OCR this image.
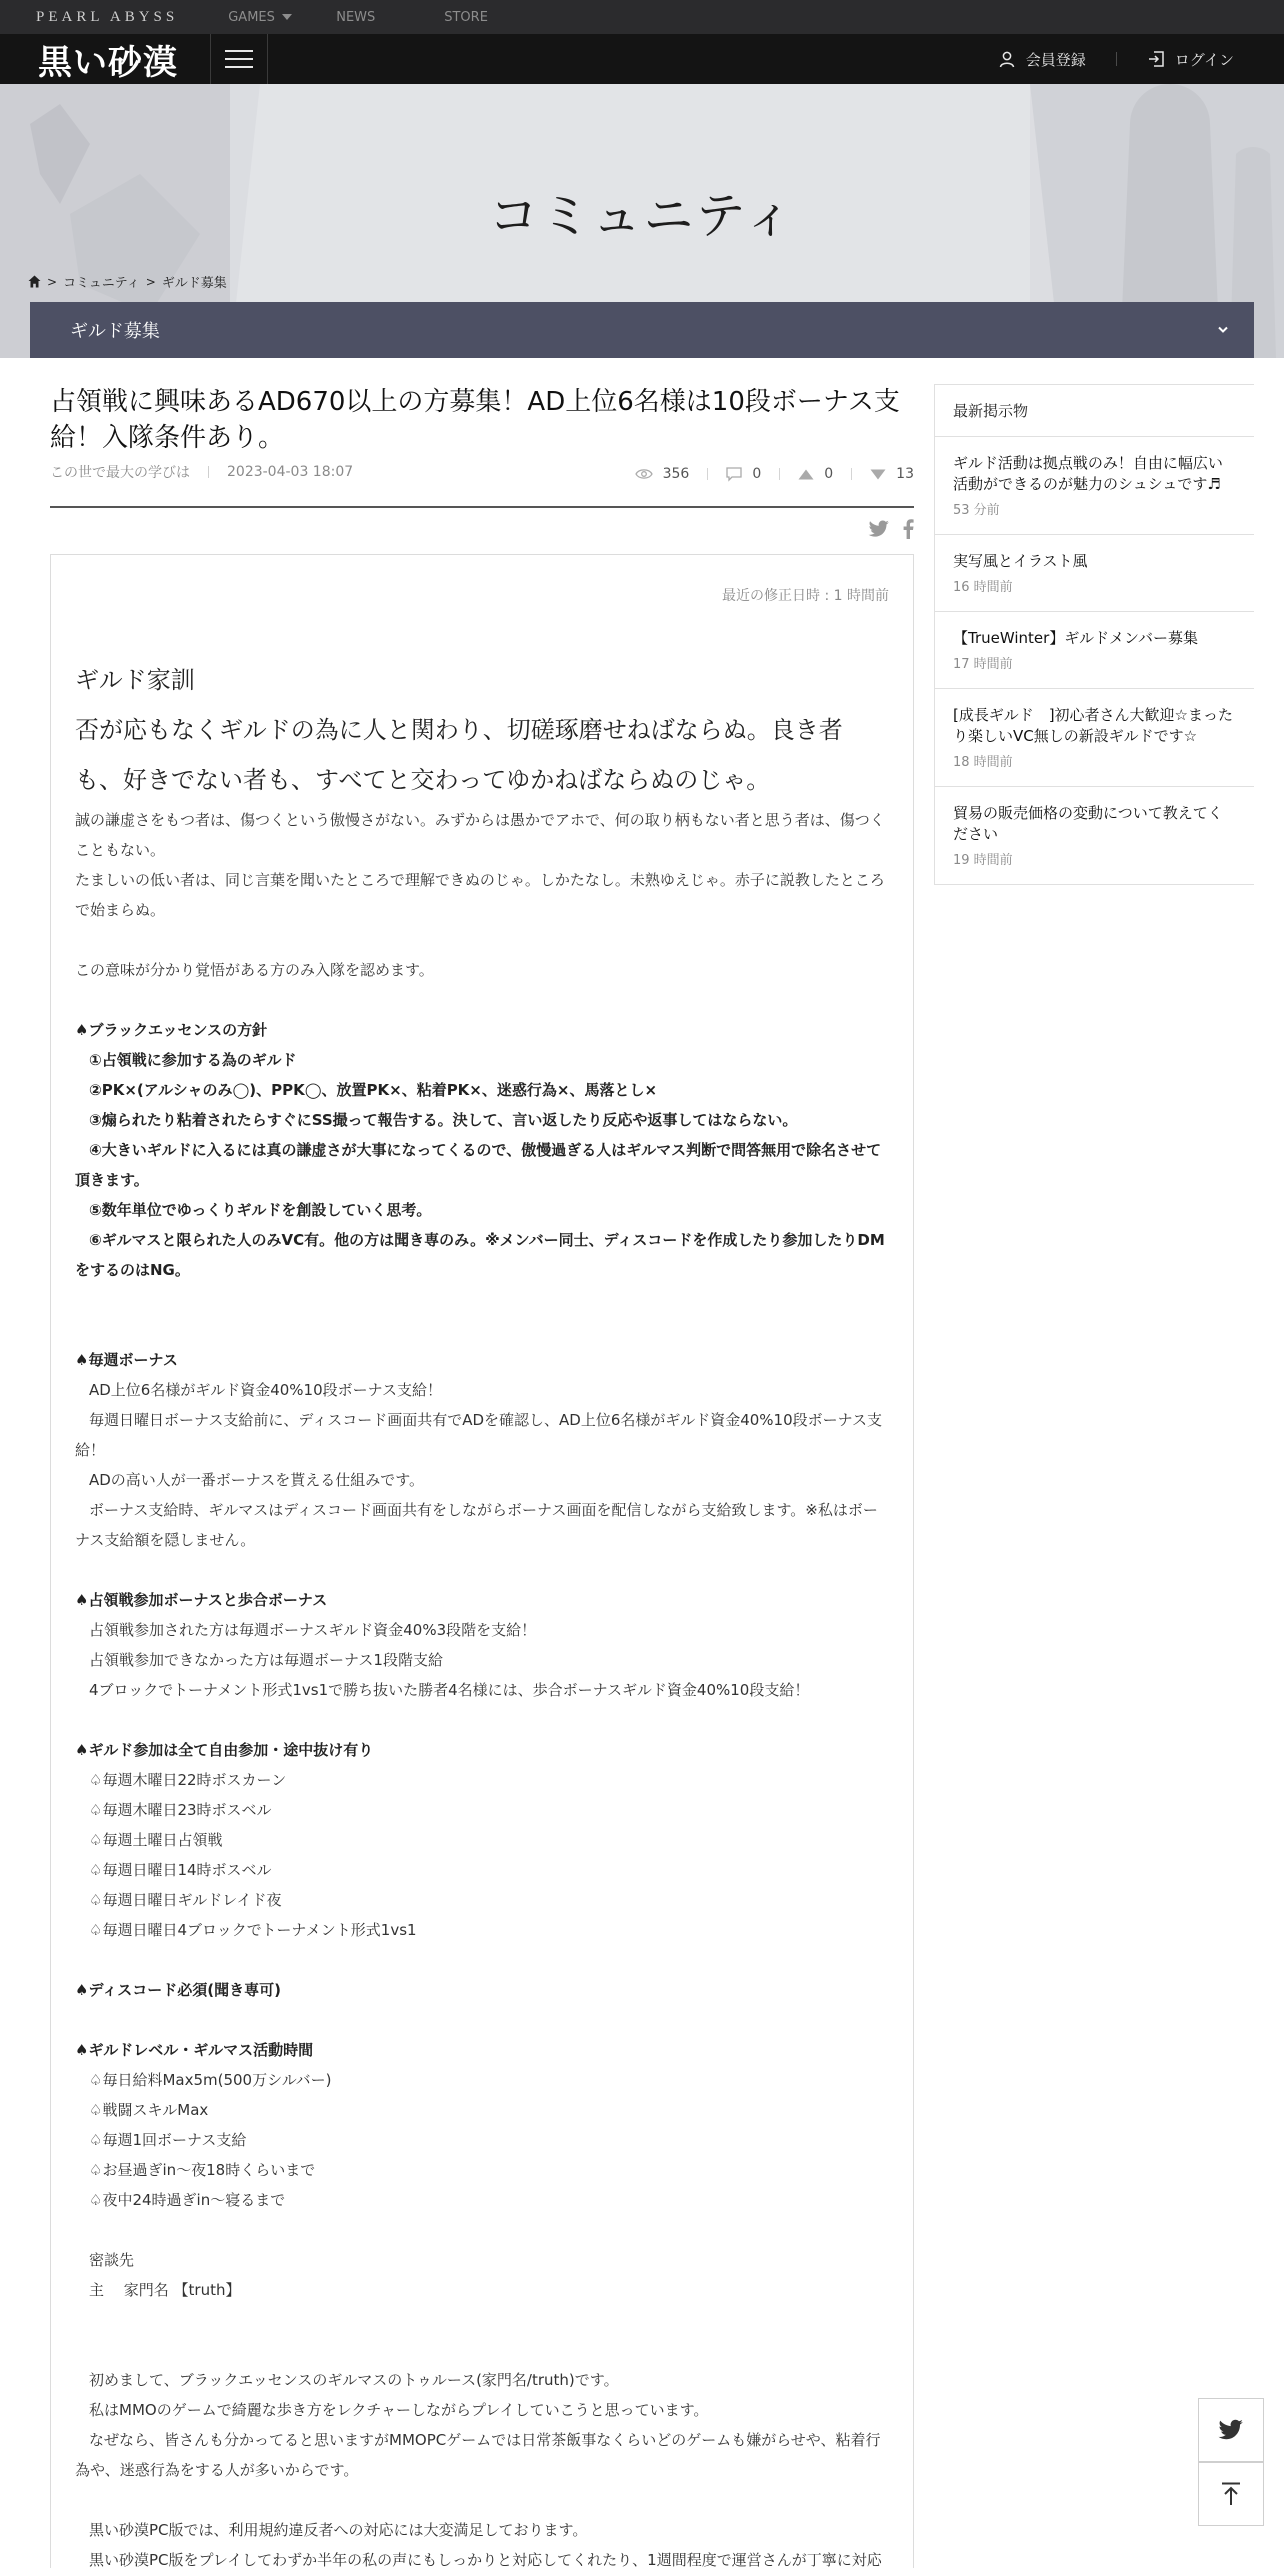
PEARL ABYSS	GAMES	NEWS	STORE
黒い砂漠	会員登録	ログイン
コミュニティ
> コミュニティ > ギルド募集
ギルド募集
占領戦に興味あるAD670以上の方募集！AD上位6名様は10段ボーナス支給！入隊条件あり。
この世で最大の学びは	2023-04-03 18:07	356	0	0	13
最近の修正日時 : 1 時間前
ギルド家訓
否が応もなくギルドの為に人と関わり、切磋琢磨せねばならぬ。良き者
も、好きでない者も、すべてと交わってゆかねばならぬのじゃ。
誠の謙虚さをもつ者は、傷つくという傲慢さがない。みずからは愚かでアホで、何の取り柄もない者と思う者は、傷つく
こともない。
たましいの低い者は、同じ言葉を聞いたところで理解できぬのじゃ。しかたなし。未熟ゆえじゃ。赤子に説教したところ
で始まらぬ。
この意味が分かり覚悟がある方のみ入隊を認めます。
♠ブラックエッセンスの方針
①占領戦に参加する為のギルド
②PK×(アルシャのみ◯)、PPK◯、放置PK×、粘着PK×、迷惑行為×、馬落とし×
③煽られたり粘着されたらすぐにSS撮って報告する。決して、言い返したり反応や返事してはならない。
④大きいギルドに入るには真の謙虚さが大事になってくるので、傲慢過ぎる人はギルマス判断で問答無用で除名させて
頂きます。
⑤数年単位でゆっくりギルドを創設していく思考。
⑥ギルマスと限られた人のみVC有。他の方は聞き専のみ。※メンバー同士、ディスコードを作成したり参加したりDM
をするのはNG。
♠毎週ボーナス
AD上位6名様がギルド資金40%10段ボーナス支給！
毎週日曜日ボーナス支給前に、ディスコード画面共有でADを確認し、AD上位6名様がギルド資金40%10段ボーナス支
給！
ADの高い人が一番ボーナスを貰える仕組みです。
ボーナス支給時、ギルマスはディスコード画面共有をしながらボーナス画面を配信しながら支給致します。※私はボー
ナス支給額を隠しません。
♠占領戦参加ボーナスと歩合ボーナス
占領戦参加された方は毎週ボーナスギルド資金40%3段階を支給！
占領戦参加できなかった方は毎週ボーナス1段階支給
4ブロックでトーナメント形式1vs1で勝ち抜いた勝者4名様には、歩合ボーナスギルド資金40%10段支給！
♠ギルド参加は全て自由参加・途中抜け有り
♤毎週木曜日22時ボスカーン
♤毎週木曜日23時ボスベル
♤毎週土曜日占領戦
♤毎週日曜日14時ボスベル
♤毎週日曜日ギルドレイド夜
♤毎週日曜日4ブロックでトーナメント形式1vs1
♠ディスコード必須(聞き専可)
♠ギルドレベル・ギルマス活動時間
♤毎日給料Max5m(500万シルバー)
♤戦闘スキルMax
♤毎週1回ボーナス支給
♤お昼過ぎin～夜18時くらいまで
♤夜中24時過ぎin～寝るまで
密談先
主　 家門名 【truth】
初めまして、ブラックエッセンスのギルマスのトゥルース(家門名/truth)です。
私はMMOのゲームで綺麗な歩き方をレクチャーしながらプレイしていこうと思っています。
なぜなら、皆さんも分かってると思いますがMMOPCゲームでは日常茶飯事なくらいどのゲームも嫌がらせや、粘着行
為や、迷惑行為をする人が多いからです。
黒い砂漠PC版では、利用規約違反者への対応には大変満足しております。
黒い砂漠PC版をプレイしてわずか半年の私の声にもしっかりと対応してくれたり、1週間程度で運営さんが丁寧に対応
最新掲示物
ギルド活動は拠点戦のみ！自由に幅広い活動ができるのが魅力のシュシュです♬
53 分前
実写風とイラスト風
16 時間前
【TrueWinter】ギルドメンバー募集
17 時間前
[成長ギルド　]初心者さん大歓迎☆まったり楽しいVC無しの新設ギルドです☆
18 時間前
貿易の販売価格の変動について教えてください
19 時間前
